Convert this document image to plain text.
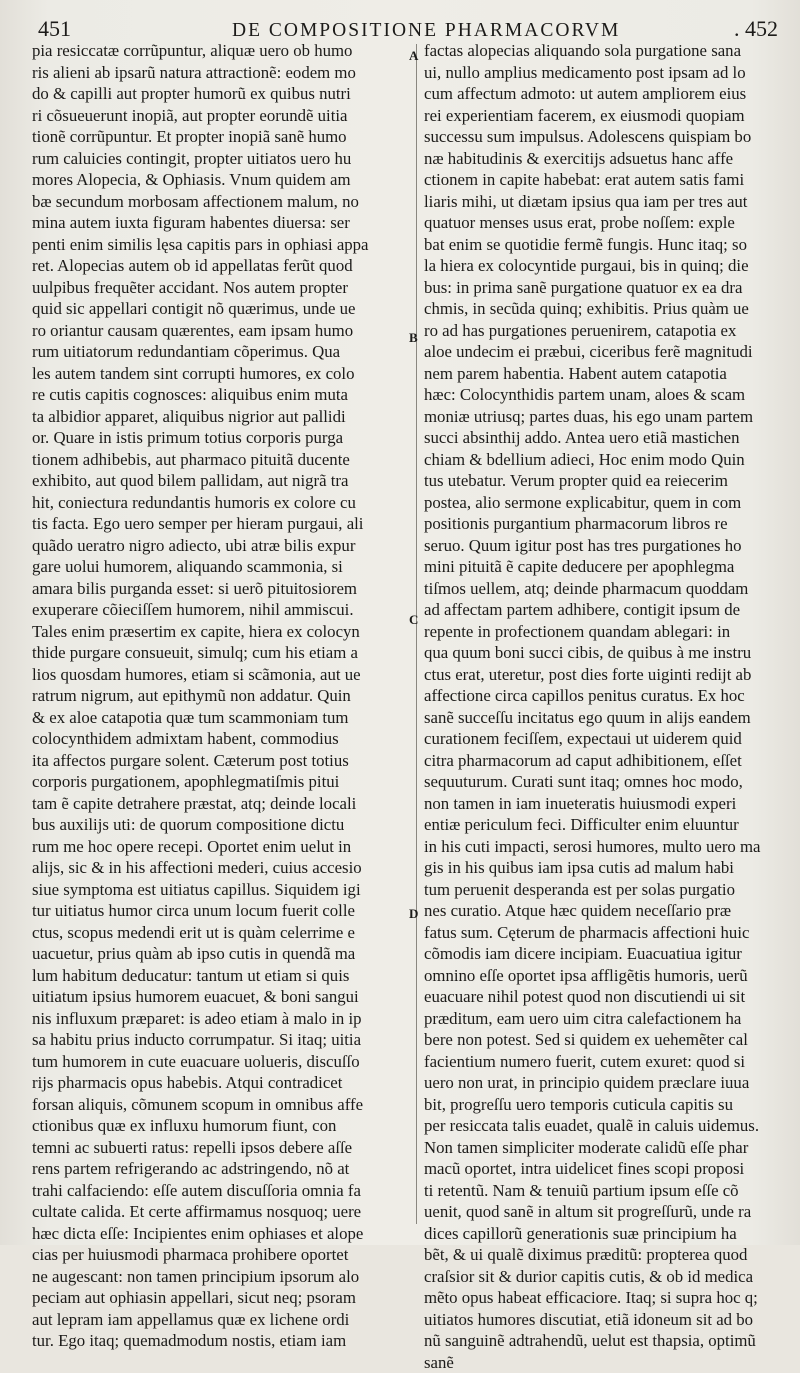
451	DE COMPOSITIONE PHARMACORVM	. 452
A
B
C
D
pia resiccatæ corrũpuntur, aliquæ uero ob humo
ris alieni ab ipsarũ natura attractionẽ: eodem mo
do & capilli aut propter humorũ ex quibus nutri
ri cõsueuerunt inopiã, aut propter eorundẽ uitia
tionẽ corrũpuntur. Et propter inopiã sanẽ humo
rum caluicies contingit, propter uitiatos uero hu
mores Alopecia, & Ophiasis. Vnum quidem am
bæ secundum morbosam affectionem malum, no
mina autem iuxta figuram habentes diuersa: ser
penti enim similis lęsa capitis pars in ophiasi appa
ret. Alopecias autem ob id appellatas ferũt quod
uulpibus frequẽter accidant. Nos autem propter
quid sic appellari contigit nõ quærimus, unde ue
ro oriantur causam quærentes, eam ipsam humo
rum uitiatorum redundantiam cõperimus. Qua
les autem tandem sint corrupti humores, ex colo
re cutis capitis cognosces: aliquibus enim muta
ta albidior apparet, aliquibus nigrior aut pallidi
or. Quare in istis primum totius corporis purga
tionem adhibebis, aut pharmaco pituitã ducente
exhibito, aut quod bilem pallidam, aut nigrã tra
hit, coniectura redundantis humoris ex colore cu
tis facta. Ego uero semper per hieram purgaui, ali
quãdo ueratro nigro adiecto, ubi atræ bilis expur
gare uolui humorem, aliquando scammonia, si
amara bilis purganda esset: si uerõ pituitosiorem
exuperare cõieciſſem humorem, nihil ammiscui.
Tales enim præsertim ex capite, hiera ex colocyn
thide purgare consueuit, simulq; cum his etiam a
lios quosdam humores, etiam si scãmonia, aut ue
ratrum nigrum, aut epithymũ non addatur. Quin
& ex aloe catapotia quæ tum scammoniam tum
colocynthidem admixtam habent, commodius
ita affectos purgare solent. Cæterum post totius
corporis purgationem, apophlegmatiſmis pitui
tam ẽ capite detrahere præstat, atq; deinde locali
bus auxilijs uti: de quorum compositione dictu
rum me hoc opere recepi. Oportet enim uelut in
alijs, sic & in his affectioni mederi, cuius accesio
siue symptoma est uitiatus capillus. Siquidem igi
tur uitiatus humor circa unum locum fuerit colle
ctus, scopus medendi erit ut is quàm celerrime e
uacuetur, prius quàm ab ipso cutis in quendã ma
lum habitum deducatur: tantum ut etiam si quis
uitiatum ipsius humorem euacuet, & boni sangui
nis influxum præparet: is adeo etiam à malo in ip
sa habitu prius inducto corrumpatur. Si itaq; uitia
tum humorem in cute euacuare uolueris, discuſſo
rijs pharmacis opus habebis. Atqui contradicet
forsan aliquis, cõmunem scopum in omnibus affe
ctionibus quæ ex influxu humorum fiunt, con
temni ac subuerti ratus: repelli ipsos debere aſſe
rens partem refrigerando ac adstringendo, nõ at
trahi calfaciendo: eſſe autem discuſſoria omnia fa
cultate calida. Et certe affirmamus nosquoq; uere
hæc dicta eſſe: Incipientes enim ophiases et alope
cias per huiusmodi pharmaca prohibere oportet
ne augescant: non tamen principium ipsorum alo
peciam aut ophiasin appellari, sicut neq; psoram
aut lepram iam appellamus quæ ex lichene ordi
tur. Ego itaq; quemadmodum nostis, etiam iam
factas alopecias aliquando sola purgatione sana
ui, nullo amplius medicamento post ipsam ad lo
cum affectum admoto: ut autem ampliorem eius
rei experientiam facerem, ex eiusmodi quopiam
successu sum impulsus. Adolescens quispiam bo
næ habitudinis & exercitijs adsuetus hanc affe
ctionem in capite habebat: erat autem satis fami
liaris mihi, ut diætam ipsius qua iam per tres aut
quatuor menses usus erat, probe noſſem: exple
bat enim se quotidie fermẽ fungis. Hunc itaq; so
la hiera ex colocyntide purgaui, bis in quinq; die
bus: in prima sanẽ purgatione quatuor ex ea dra
chmis, in secũda quinq; exhibitis. Prius quàm ue
ro ad has purgationes peruenirem, catapotia ex
aloe undecim ei præbui, ciceribus ferẽ magnitudi
nem parem habentia. Habent autem catapotia
hæc: Colocynthidis partem unam, aloes & scam
moniæ utriusq; partes duas, his ego unam partem
succi absinthij addo. Antea uero etiã mastichen
chiam & bdellium adieci, Hoc enim modo Quin
tus utebatur. Verum propter quid ea reiecerim
postea, alio sermone explicabitur, quem in com
positionis purgantium pharmacorum libros re
seruo. Quum igitur post has tres purgationes ho
mini pituitã ẽ capite deducere per apophlegma
tiſmos uellem, atq; deinde pharmacum quoddam
ad affectam partem adhibere, contigit ipsum de
repente in profectionem quandam ablegari: in
qua quum boni succi cibis, de quibus à me instru
ctus erat, uteretur, post dies forte uiginti redijt ab
affectione circa capillos penitus curatus. Ex hoc
sanẽ succeſſu incitatus ego quum in alijs eandem
curationem feciſſem, expectaui ut uiderem quid
citra pharmacorum ad caput adhibitionem, eſſet
sequuturum. Curati sunt itaq; omnes hoc modo,
non tamen in iam inueteratis huiusmodi experi
entiæ periculum feci. Difficulter enim eluuntur
in his cuti impacti, serosi humores, multo uero ma
gis in his quibus iam ipsa cutis ad malum habi
tum peruenit desperanda est per solas purgatio
nes curatio. Atque hæc quidem neceſſario præ
fatus sum. Cęterum de pharmacis affectioni huic
cõmodis iam dicere incipiam. Euacuatiua igitur
omnino eſſe oportet ipsa affligẽtis humoris, uerũ
euacuare nihil potest quod non discutiendi ui sit
præditum, eam uero uim citra calefactionem ha
bere non potest. Sed si quidem ex uehemẽter cal
facientium numero fuerit, cutem exuret: quod si
uero non urat, in principio quidem præclare iuua
bit, progreſſu uero temporis cuticula capitis su
per resiccata talis euadet, qualẽ in caluis uidemus.
Non tamen simpliciter moderate calidũ eſſe phar
macũ oportet, intra uidelicet fines scopi proposi
ti retentũ. Nam & tenuiũ partium ipsum eſſe cõ
uenit, quod sanẽ in altum sit progreſſurũ, unde ra
dices capillorũ generationis suæ principium ha
bẽt, & ui qualẽ diximus præditũ: propterea quod
craſsior sit & durior capitis cutis, & ob id medica
mẽto opus habeat efficaciore. Itaq; si supra hoc q;
uitiatos humores discutiat, etiã idoneum sit ad bo
nũ sanguinẽ adtrahendũ, uelut est thapsia, optimũ
sanẽ
